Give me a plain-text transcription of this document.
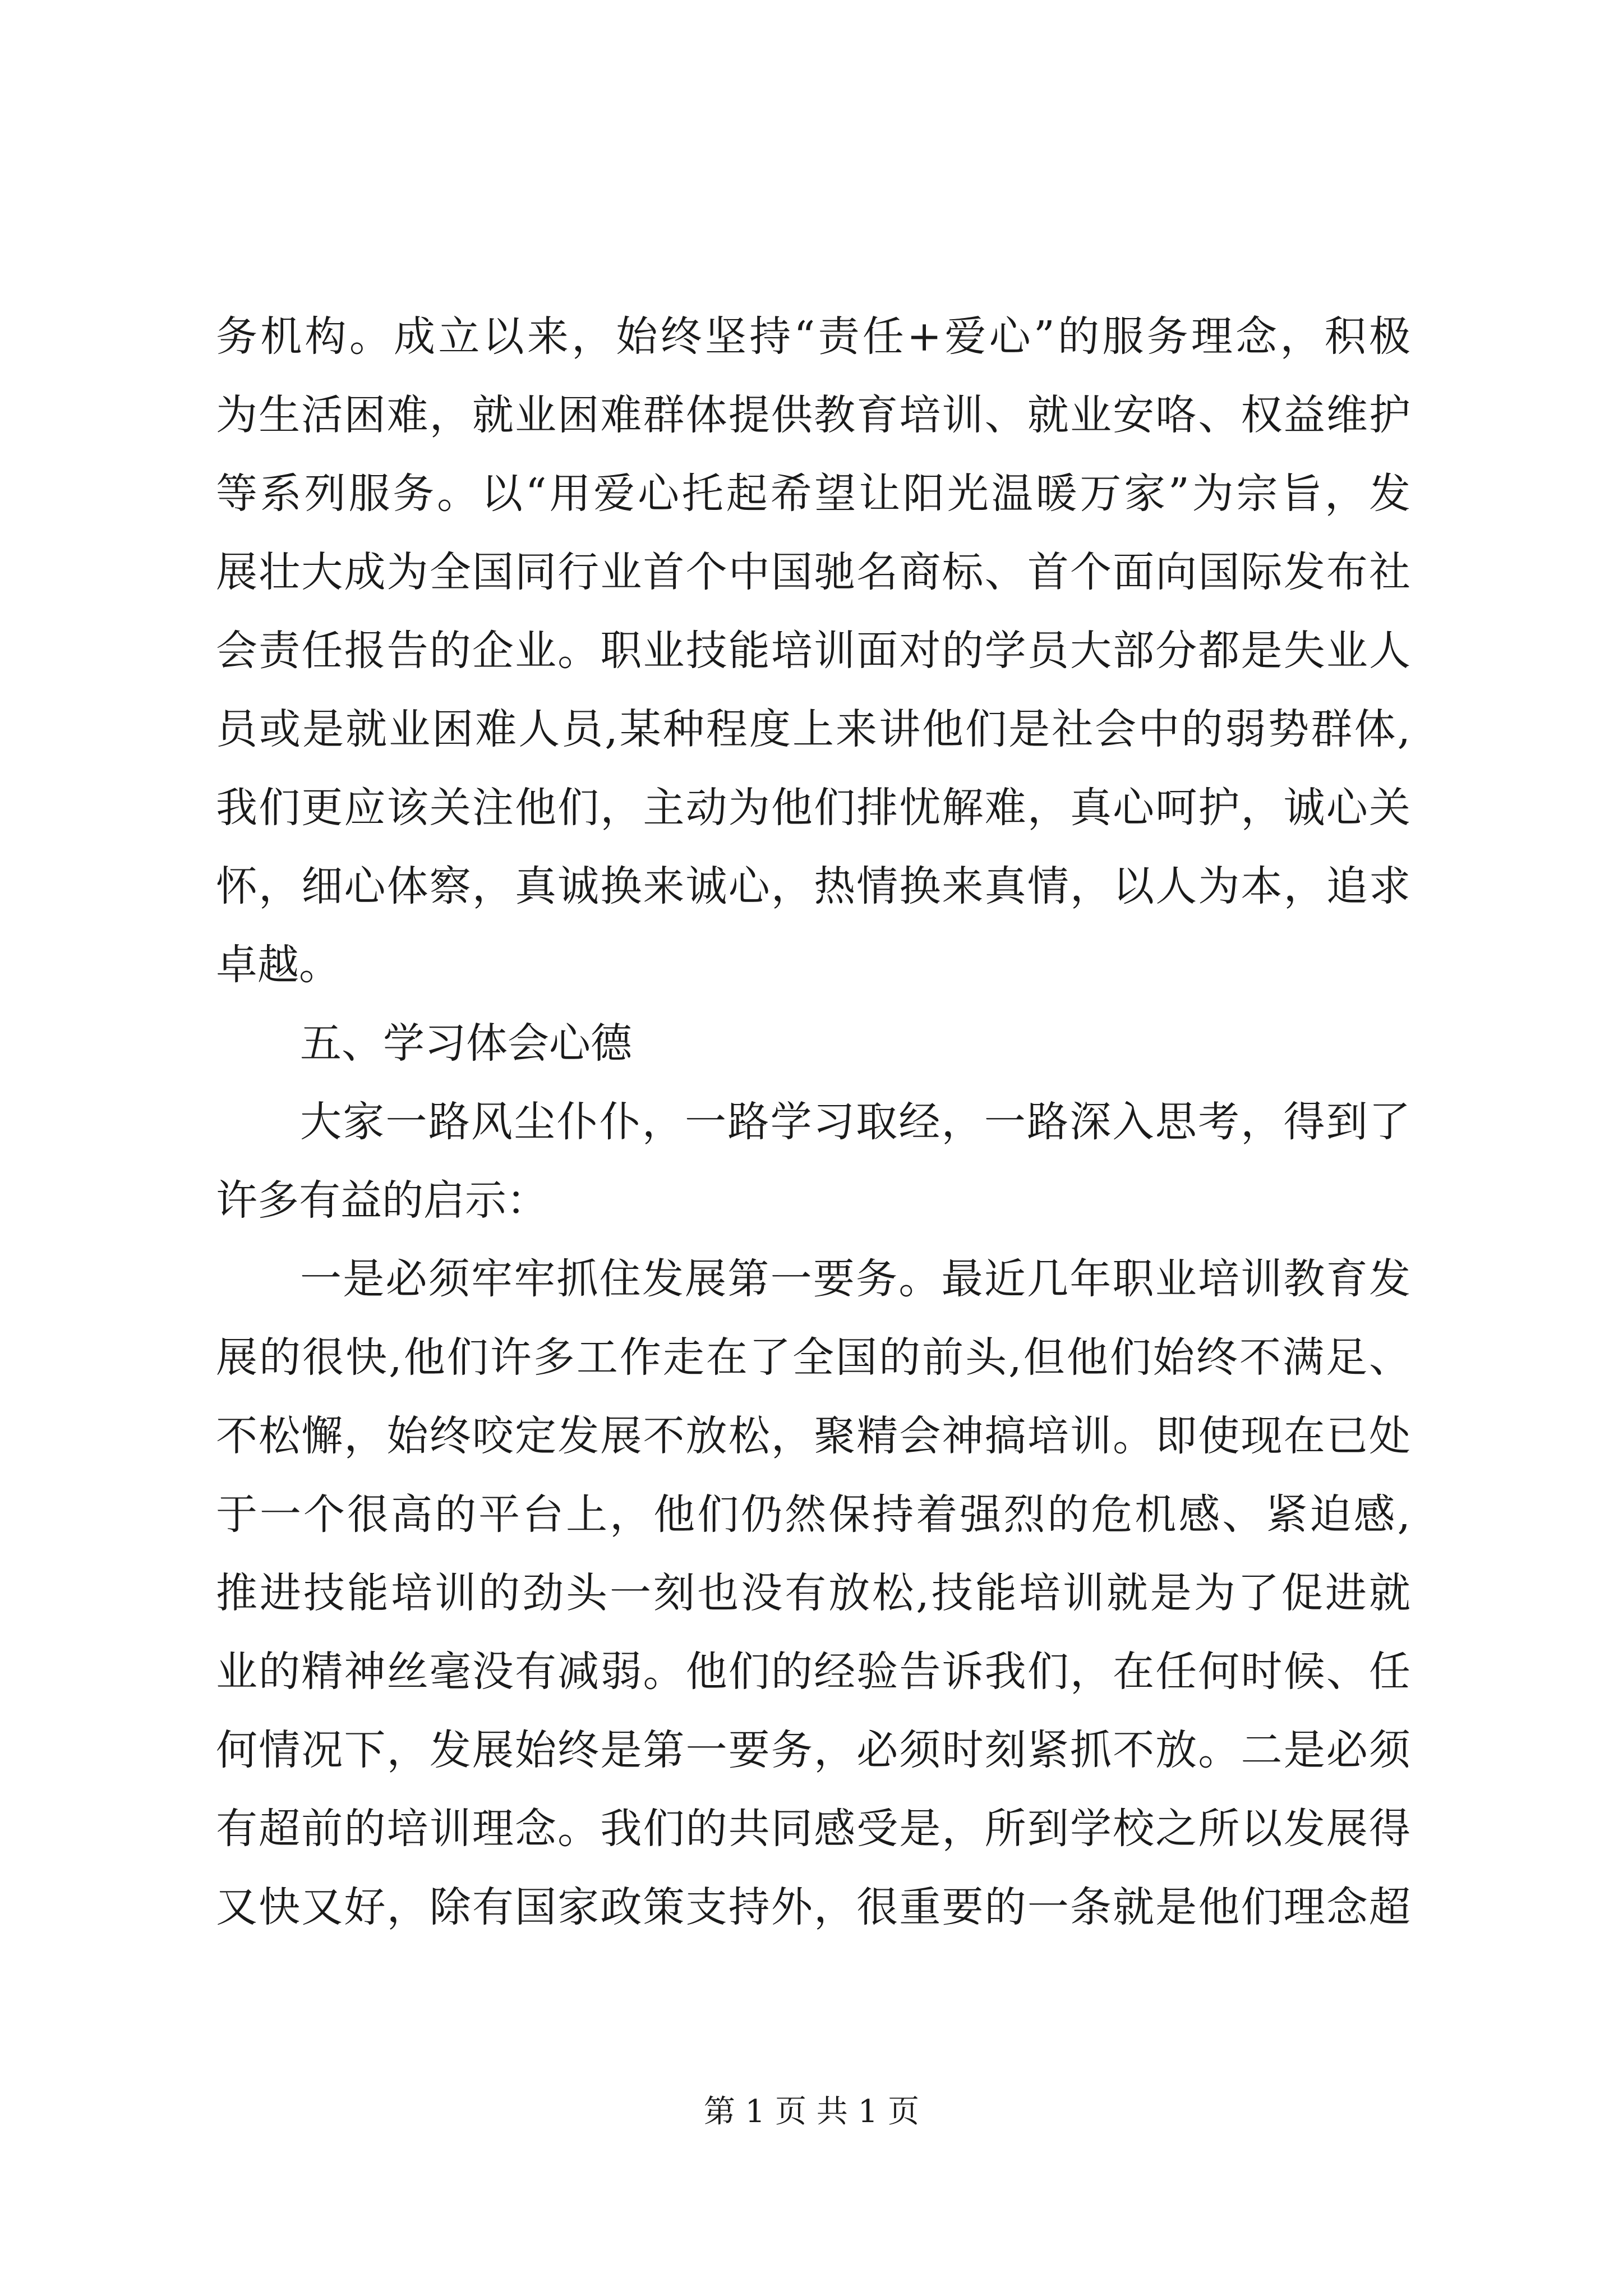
务机构。成立以来，始终坚持“责任+爱心”的服务理念，积极
为生活困难，就业困难群体提供教育培训、就业安咯、权益维护
等系列服务。以“用爱心托起希望让阳光温暖万家”为宗旨，发
展壮大成为全国同行业首个中国驰名商标、首个面向国际发布社
会责任报告的企业。职业技能培训面对的学员大部分都是失业人
员或是就业困难人员,某种程度上来讲他们是社会中的弱势群体,
我们更应该关注他们，主动为他们排忧解难，真心呵护，诚心关
怀，细心体察，真诚换来诚心，热情换来真情，以人为本，追求
卓越。
五、学习体会心德
大家一路风尘仆仆，一路学习取经，一路深入思考，得到了
许多有益的启示：
一是必须牢牢抓住发展第一要务。最近几年职业培训教育发
展的很快,他们许多工作走在了全国的前头,但他们始终不满足、
不松懈，始终咬定发展不放松，聚精会神搞培训。即使现在已处
于一个很高的平台上，他们仍然保持着强烈的危机感、紧迫感,
推进技能培训的劲头一刻也没有放松,技能培训就是为了促进就
业的精神丝毫没有减弱。他们的经验告诉我们，在任何时候、任
何情况下，发展始终是第一要务，必须时刻紧抓不放。二是必须
有超前的培训理念。我们的共同感受是，所到学校之所以发展得
又快又好，除有国家政策支持外，很重要的一条就是他们理念超
第 1 页 共 1 页
